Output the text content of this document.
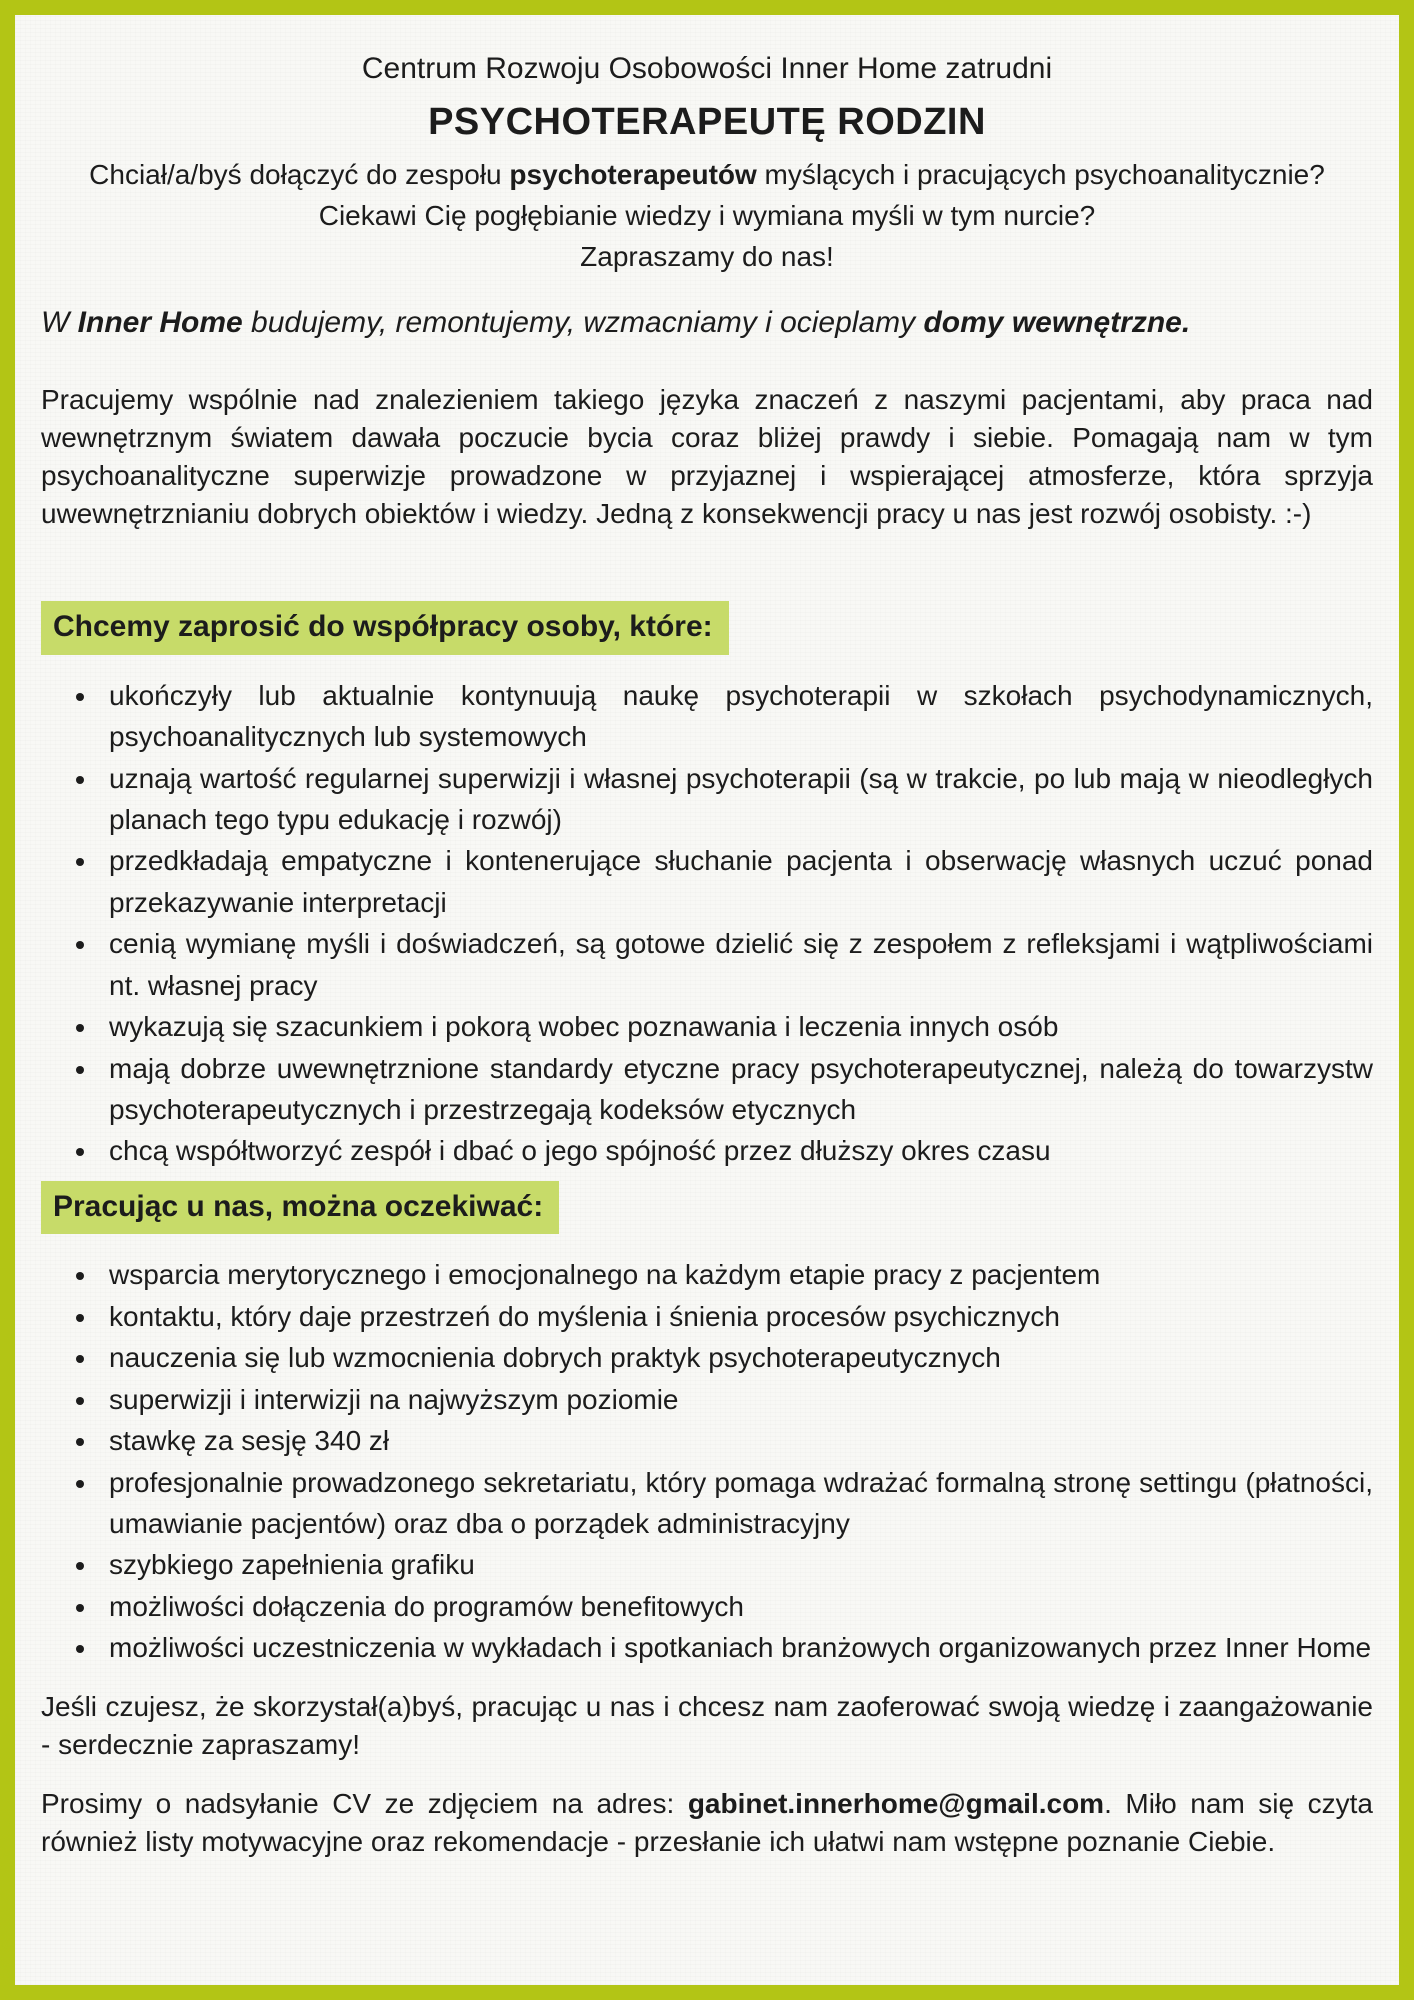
Centrum Rozwoju Osobowości Inner Home zatrudni

PSYCHOTERAPEUTĘ RODZIN

Chciał/a/byś dołączyć do zespołu psychoterapeutów myślących i pracujących psychoanalitycznie?

Ciekawi Cię pogłębianie wiedzy i wymiana myśli w tym nurcie?

Zapraszamy do nas!

W Inner Home budujemy, remontujemy, wzmacniamy i ocieplamy domy wewnętrzne.

Pracujemy wspólnie nad znalezieniem takiego języka znaczeń z naszymi pacjentami, aby praca nad wewnętrznym światem dawała poczucie bycia coraz bliżej prawdy i siebie. Pomagają nam w tym psychoanalityczne superwizje prowadzone w przyjaznej i wspierającej atmosferze, która sprzyja uwewnętrznianiu dobrych obiektów i wiedzy. Jedną z konsekwencji pracy u nas jest rozwój osobisty. :-)

Chcemy zaprosić do współpracy osoby, które:
• ukończyły lub aktualnie kontynuują naukę psychoterapii w szkołach psychodynamicznych, psychoanalitycznych lub systemowych
• uznają wartość regularnej superwizji i własnej psychoterapii (są w trakcie, po lub mają w nieodległych planach tego typu edukację i rozwój)
• przedkładają empatyczne i kontenerujące słuchanie pacjenta i obserwację własnych uczuć ponad przekazywanie interpretacji
• cenią wymianę myśli i doświadczeń, są gotowe dzielić się z zespołem z refleksjami i wątpliwościami nt. własnej pracy
• wykazują się szacunkiem i pokorą wobec poznawania i leczenia innych osób
• mają dobrze uwewnętrznione standardy etyczne pracy psychoterapeutycznej, należą do towarzystw psychoterapeutycznych i przestrzegają kodeksów etycznych
• chcą współtworzyć zespół i dbać o jego spójność przez dłuższy okres czasu
Pracując u nas, można oczekiwać:
• wsparcia merytorycznego i emocjonalnego na każdym etapie pracy z pacjentem
• kontaktu, który daje przestrzeń do myślenia i śnienia procesów psychicznych
• nauczenia się lub wzmocnienia dobrych praktyk psychoterapeutycznych
• superwizji i interwizji na najwyższym poziomie
• stawkę za sesję 340 zł
• profesjonalnie prowadzonego sekretariatu, który pomaga wdrażać formalną stronę settingu (płatności, umawianie pacjentów) oraz dba o porządek administracyjny
• szybkiego zapełnienia grafiku
• możliwości dołączenia do programów benefitowych
• możliwości uczestniczenia w wykładach i spotkaniach branżowych organizowanych przez Inner Home

Jeśli czujesz, że skorzystał(a)byś, pracując u nas i chcesz nam zaoferować swoją wiedzę i zaangażowanie - serdecznie zapraszamy!

Prosimy o nadsyłanie CV ze zdjęciem na adres: gabinet.innerhome@gmail.com. Miło nam się czyta również listy motywacyjne oraz rekomendacje - przesłanie ich ułatwi nam wstępne poznanie Ciebie.
